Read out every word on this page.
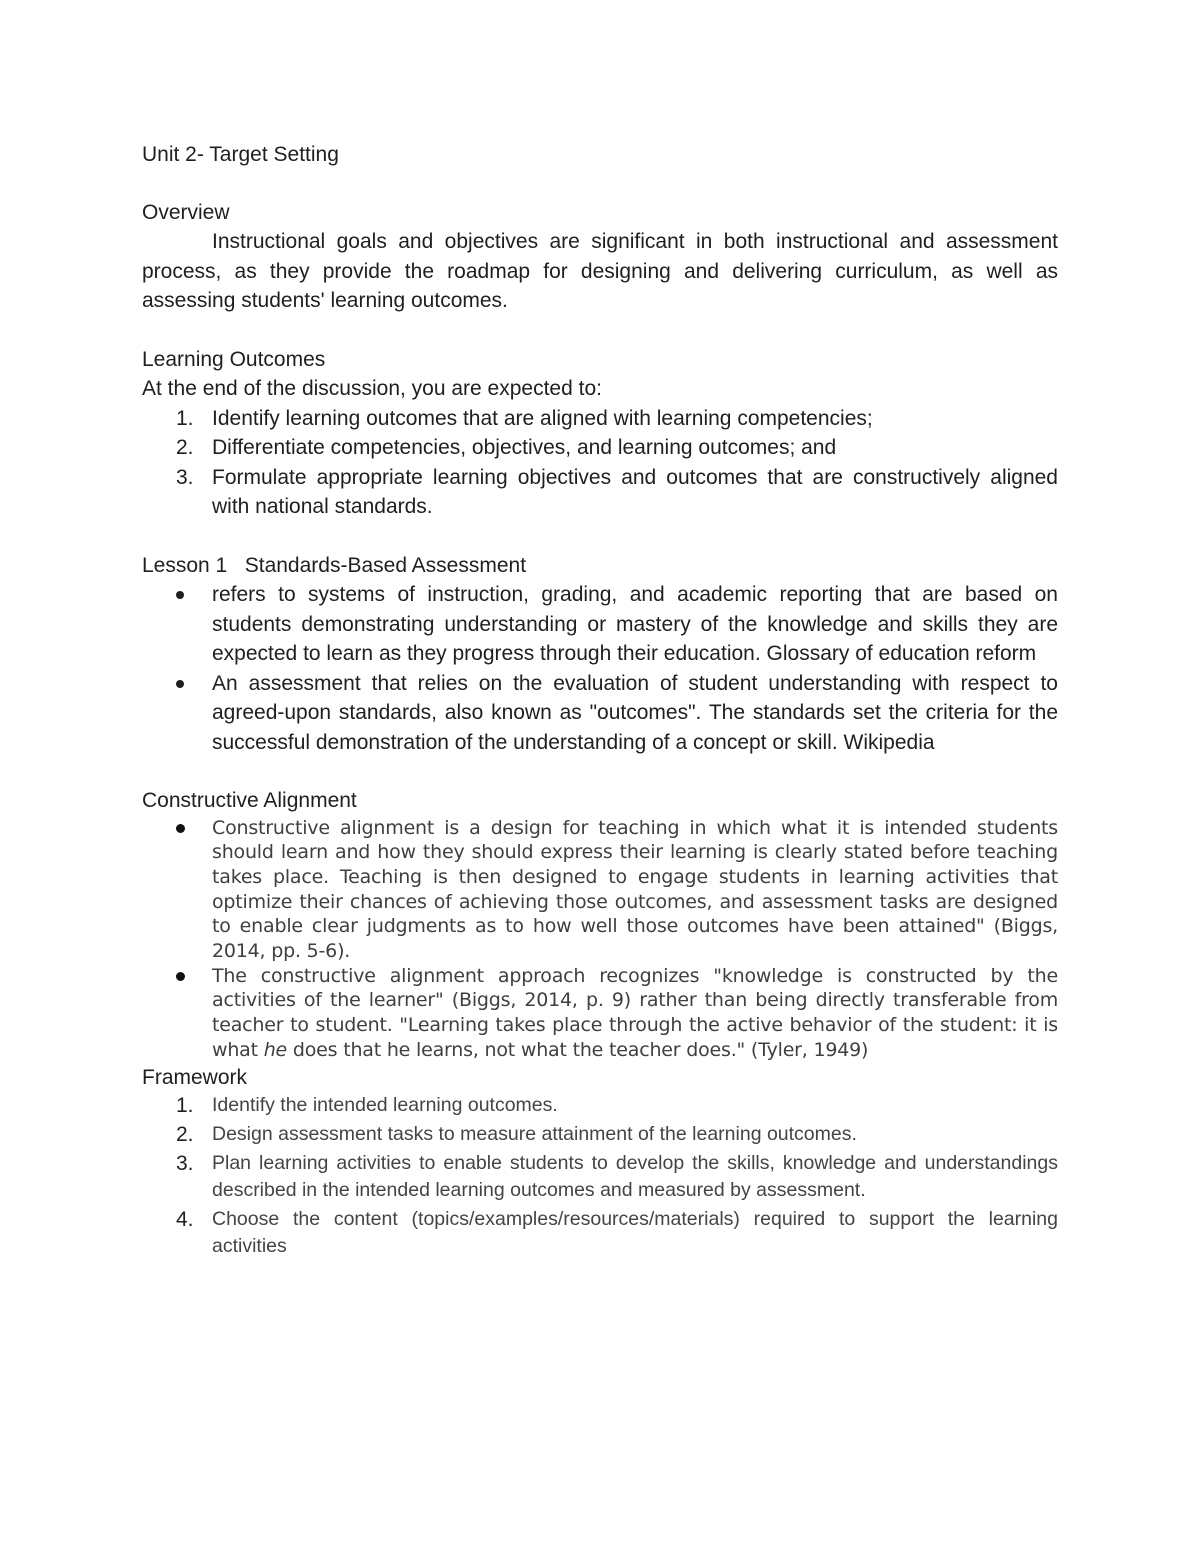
Unit 2- Target Setting

Overview

Instructional goals and objectives are significant in both instructional and assessment process, as they provide the roadmap for designing and delivering curriculum, as well as assessing students' learning outcomes.

Learning Outcomes

At the end of the discussion, you are expected to:

1. Identify learning outcomes that are aligned with learning competencies;
2. Differentiate competencies, objectives, and learning outcomes; and
3. Formulate appropriate learning objectives and outcomes that are constructively aligned with national standards.

Lesson 1   Standards-Based Assessment

refers to systems of instruction, grading, and academic reporting that are based on students demonstrating understanding or mastery of the knowledge and skills they are expected to learn as they progress through their education. Glossary of education reform
An assessment that relies on the evaluation of student understanding with respect to agreed-upon standards, also known as "outcomes". The standards set the criteria for the successful demonstration of the understanding of a concept or skill. Wikipedia

Constructive Alignment

Constructive alignment is a design for teaching in which what it is intended students should learn and how they should express their learning is clearly stated before teaching takes place. Teaching is then designed to engage students in learning activities that optimize their chances of achieving those outcomes, and assessment tasks are designed to enable clear judgments as to how well those outcomes have been attained" (Biggs, 2014, pp. 5-6).
The constructive alignment approach recognizes "knowledge is constructed by the activities of the learner" (Biggs, 2014, p. 9) rather than being directly transferable from teacher to student. "Learning takes place through the active behavior of the student: it is what he does that he learns, not what the teacher does." (Tyler, 1949)

Framework

1. Identify the intended learning outcomes.
2. Design assessment tasks to measure attainment of the learning outcomes.
3. Plan learning activities to enable students to develop the skills, knowledge and understandings described in the intended learning outcomes and measured by assessment.
4. Choose the content (topics/examples/resources/materials) required to support the learning activities
